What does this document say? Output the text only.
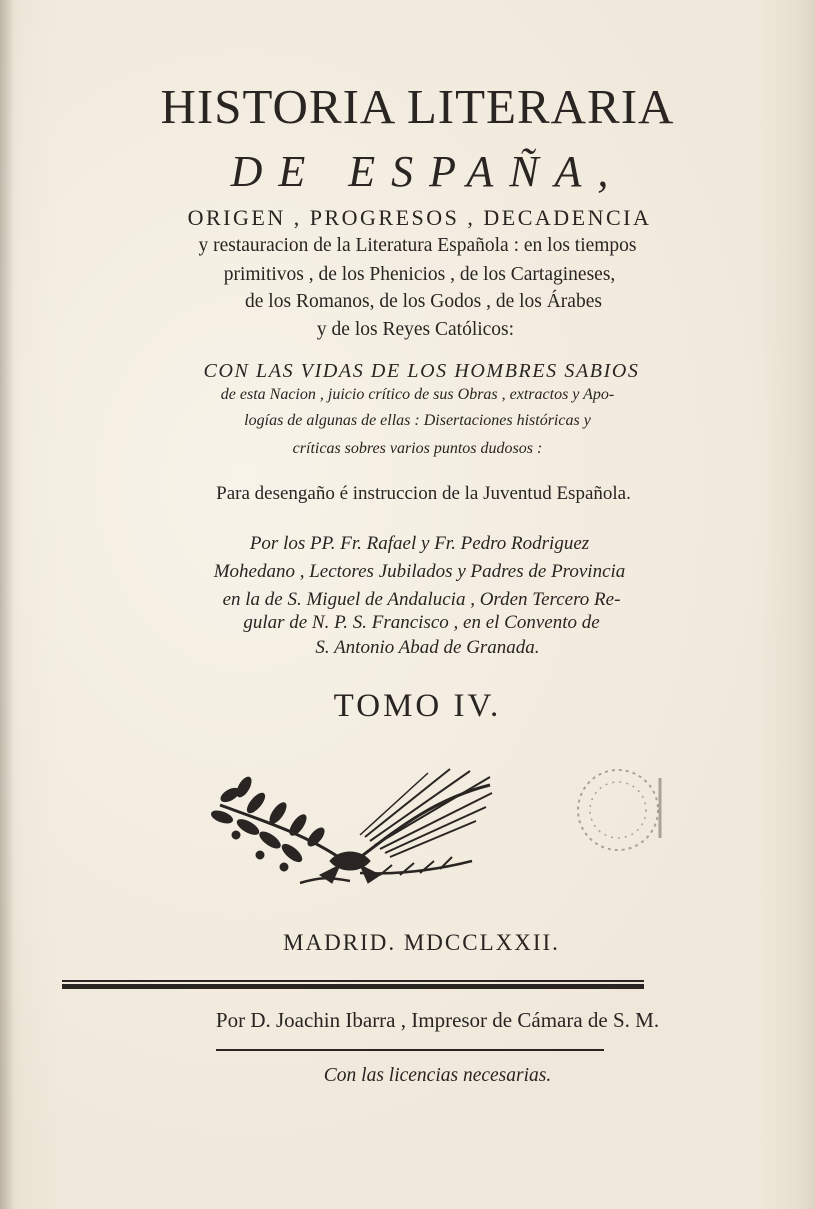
HISTORIA LITERARIA
DE ESPAÑA,
ORIGEN , PROGRESOS , DECADENCIA
y restauracion de la Literatura Española : en los tiempos
primitivos , de los Phenicios , de los Cartagineses,
de los Romanos, de los Godos , de los Árabes
y de los Reyes Católicos:
CON LAS VIDAS DE LOS HOMBRES SABIOS
de esta Nacion , juicio crítico de sus Obras , extractos y Apo-
logías de algunas de ellas : Disertaciones históricas y
críticas sobres varios puntos dudosos :
Para desengaño é instruccion de la Juventud Española.
Por los PP. Fr. Rafael y Fr. Pedro Rodriguez
Mohedano , Lectores Jubilados y Padres de Provincia
en la de S. Miguel de Andalucia , Orden Tercero Re-
gular de N. P. S. Francisco , en el Convento de
S. Antonio Abad de Granada.
TOMO IV.
MADRID. MDCCLXXII.
Por D. Joachin Ibarra , Impresor de Cámara de S. M.
Con las licencias necesarias.
